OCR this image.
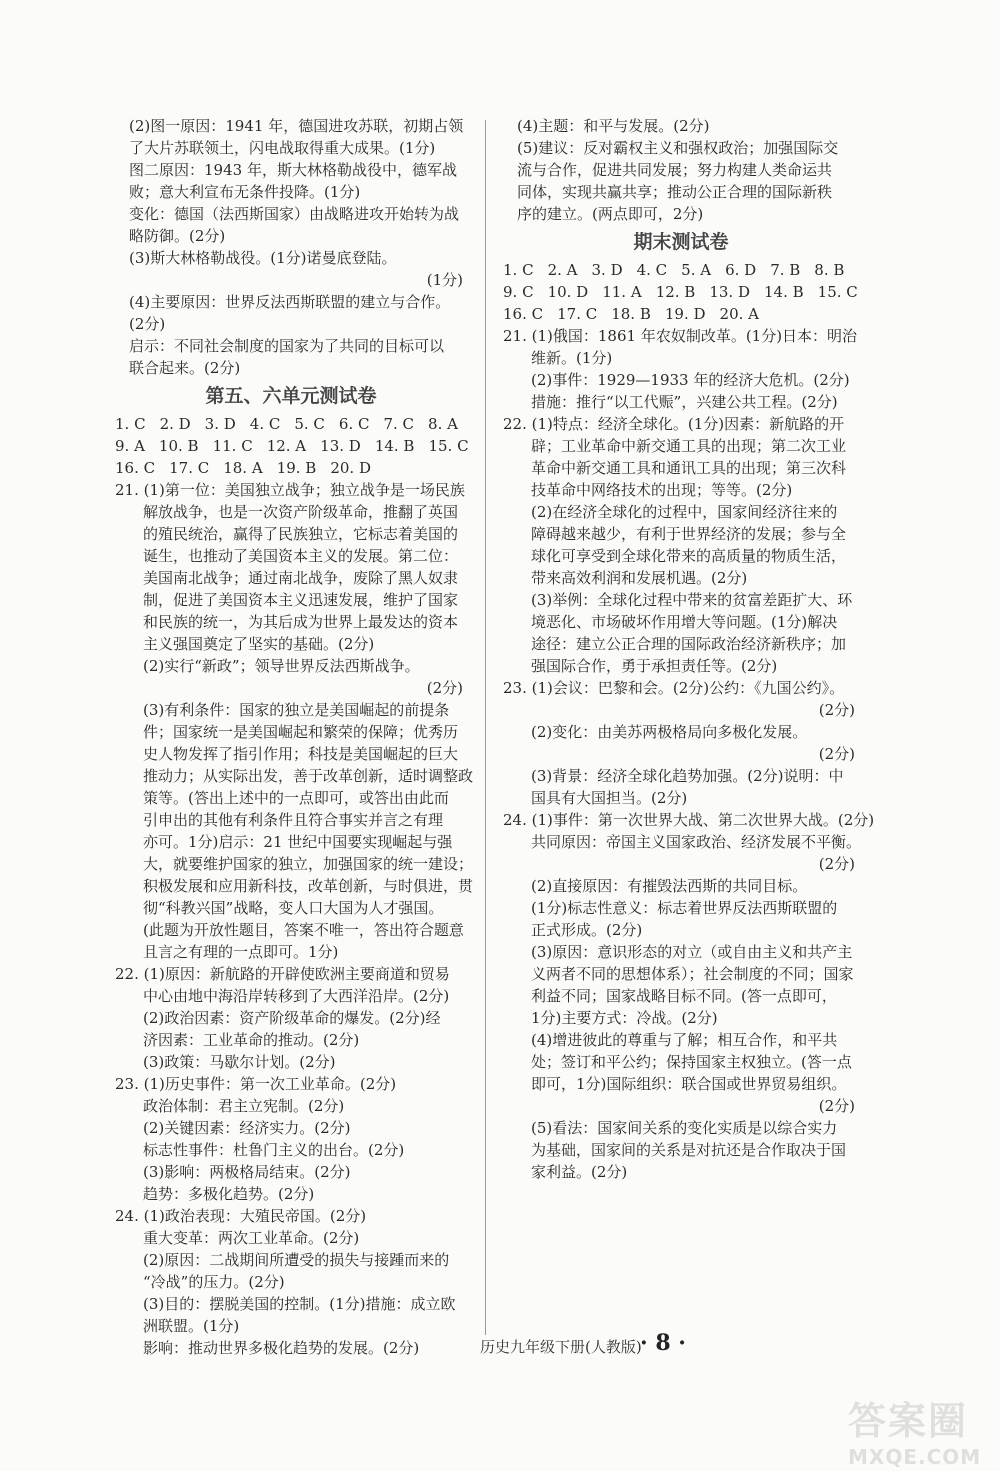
(2)图一原因：1941 年，德国进攻苏联，初期占领
了大片苏联领土，闪电战取得重大成果。(1分)
图二原因：1943 年，斯大林格勒战役中，德军战
败；意大利宣布无条件投降。(1分)
变化：德国（法西斯国家）由战略进攻开始转为战
略防御。(2分)
(3)斯大林格勒战役。(1分)诺曼底登陆。
(1分)
(4)主要原因：世界反法西斯联盟的建立与合作。
(2分)
启示：不同社会制度的国家为了共同的目标可以
联合起来。(2分)
第五、六单元测试卷
1. C 2. D 3. D 4. C 5. C 6. C 7. C 8. A
9. A 10. B 11. C 12. A 13. D 14. B 15. C
16. C 17. C 18. A 19. B 20. D
21. (1)第一位：美国独立战争；独立战争是一场民族
解放战争，也是一次资产阶级革命，推翻了英国
的殖民统治，赢得了民族独立，它标志着美国的
诞生，也推动了美国资本主义的发展。第二位：
美国南北战争；通过南北战争，废除了黑人奴隶
制，促进了美国资本主义迅速发展，维护了国家
和民族的统一，为其后成为世界上最发达的资本
主义强国奠定了坚实的基础。(2分)
(2)实行“新政”；领导世界反法西斯战争。
(2分)
(3)有利条件：国家的独立是美国崛起的前提条
件；国家统一是美国崛起和繁荣的保障；优秀历
史人物发挥了指引作用；科技是美国崛起的巨大
推动力；从实际出发，善于改革创新，适时调整政
策等。(答出上述中的一点即可，或答出由此而
引申出的其他有利条件且符合事实并言之有理
亦可。1分)启示：21 世纪中国要实现崛起与强
大，就要维护国家的独立，加强国家的统一建设；
积极发展和应用新科技，改革创新，与时俱进，贯
彻“科教兴国”战略，变人口大国为人才强国。
(此题为开放性题目，答案不唯一，答出符合题意
且言之有理的一点即可。1分)
22. (1)原因：新航路的开辟使欧洲主要商道和贸易
中心由地中海沿岸转移到了大西洋沿岸。(2分)
(2)政治因素：资产阶级革命的爆发。(2分)经
济因素：工业革命的推动。(2分)
(3)政策：马歇尔计划。(2分)
23. (1)历史事件：第一次工业革命。(2分)
政治体制：君主立宪制。(2分)
(2)关键因素：经济实力。(2分)
标志性事件：杜鲁门主义的出台。(2分)
(3)影响：两极格局结束。(2分)
趋势：多极化趋势。(2分)
24. (1)政治表现：大殖民帝国。(2分)
重大变革：两次工业革命。(2分)
(2)原因：二战期间所遭受的损失与接踵而来的
“冷战”的压力。(2分)
(3)目的：摆脱美国的控制。(1分)措施：成立欧
洲联盟。(1分)
影响：推动世界多极化趋势的发展。(2分)
(4)主题：和平与发展。(2分)
(5)建议：反对霸权主义和强权政治；加强国际交
流与合作，促进共同发展；努力构建人类命运共
同体，实现共赢共享；推动公正合理的国际新秩
序的建立。(两点即可，2分)
期末测试卷
1. C 2. A 3. D 4. C 5. A 6. D 7. B 8. B
9. C 10. D 11. A 12. B 13. D 14. B 15. C
16. C 17. C 18. B 19. D 20. A
21. (1)俄国：1861 年农奴制改革。(1分)日本：明治
维新。(1分)
(2)事件：1929—1933 年的经济大危机。(2分)
措施：推行“以工代赈”，兴建公共工程。(2分)
22. (1)特点：经济全球化。(1分)因素：新航路的开
辟；工业革命中新交通工具的出现；第二次工业
革命中新交通工具和通讯工具的出现；第三次科
技革命中网络技术的出现；等等。(2分)
(2)在经济全球化的过程中，国家间经济往来的
障碍越来越少，有利于世界经济的发展；参与全
球化可享受到全球化带来的高质量的物质生活，
带来高效利润和发展机遇。(2分)
(3)举例：全球化过程中带来的贫富差距扩大、环
境恶化、市场破坏作用增大等问题。(1分)解决
途径：建立公正合理的国际政治经济新秩序；加
强国际合作，勇于承担责任等。(2分)
23. (1)会议：巴黎和会。(2分)公约：《九国公约》。
(2分)
(2)变化：由美苏两极格局向多极化发展。
(2分)
(3)背景：经济全球化趋势加强。(2分)说明：中
国具有大国担当。(2分)
24. (1)事件：第一次世界大战、第二次世界大战。(2分)
共同原因：帝国主义国家政治、经济发展不平衡。
(2分)
(2)直接原因：有摧毁法西斯的共同目标。
(1分)标志性意义：标志着世界反法西斯联盟的
正式形成。(2分)
(3)原因：意识形态的对立（或自由主义和共产主
义两者不同的思想体系）；社会制度的不同；国家
利益不同；国家战略目标不同。(答一点即可，
1分)主要方式：冷战。(2分)
(4)增进彼此的尊重与了解；相互合作，和平共
处；签订和平公约；保持国家主权独立。(答一点
即可，1分)国际组织：联合国或世界贸易组织。
(2分)
(5)看法：国家间关系的变化实质是以综合实力
为基础，国家间的关系是对抗还是合作取决于国
家利益。(2分)
历史九年级下册(人教版)
· 8 ·
答案圈
MXQE.COM
